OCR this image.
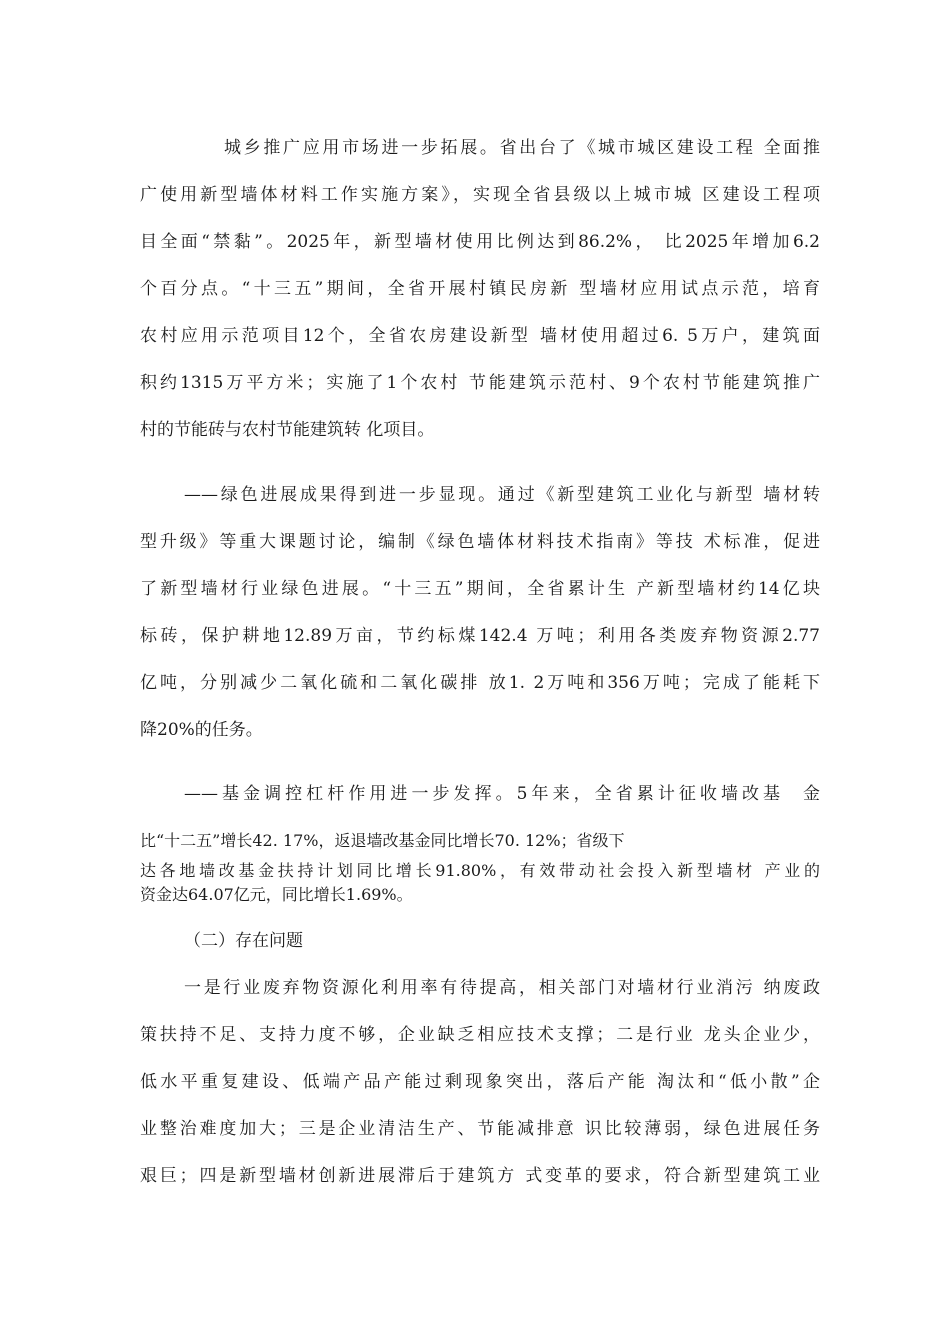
城乡推广应用市场进一步拓展。省出台了《城市城区建设工程 全面推
广使用新型墙体材料工作实施方案》，实现全省县级以上城市城 区建设工程项
目全面“禁黏”。2025年，新型墙材使用比例达到86.2%， 比2025年增加6.2
个百分点。“十三五”期间，全省开展村镇民房新 型墙材应用试点示范，培育
农村应用示范项目12个，全省农房建设新型 墙材使用超过6. 5万户，建筑面
积约1315万平方米；实施了1个农村 节能建筑示范村、9个农村节能建筑推广
村的节能砖与农村节能建筑转 化项目。
——绿色进展成果得到进一步显现。通过《新型建筑工业化与新型 墙材转
型升级》等重大课题讨论，编制《绿色墙体材料技术指南》等技 术标准，促进
了新型墙材行业绿色进展。“十三五”期间，全省累计生 产新型墙材约14亿块
标砖，保护耕地12.89万亩，节约标煤142.4 万吨；利用各类废弃物资源2.77
亿吨，分别减少二氧化硫和二氧化碳排 放1. 2万吨和356万吨；完成了能耗下
降20%的任务。
——基金调控杠杆作用进一步发挥。5年来，全省累计征收墙改基  金
比“十二五”增长42. 17%，返退墙改基金同比增长70. 12%；省级下
达各地墙改基金扶持计划同比增长91.80%，有效带动社会投入新型墙材 产业的
资金达64.07亿元，同比增长1.69%。
（二）存在问题
一是行业废弃物资源化利用率有待提高，相关部门对墙材行业消污 纳废政
策扶持不足、支持力度不够，企业缺乏相应技术支撑；二是行业 龙头企业少，
低水平重复建设、低端产品产能过剩现象突出，落后产能 淘汰和“低小散”企
业整治难度加大；三是企业清洁生产、节能减排意 识比较薄弱，绿色进展任务
艰巨；四是新型墙材创新进展滞后于建筑方 式变革的要求，符合新型建筑工业
